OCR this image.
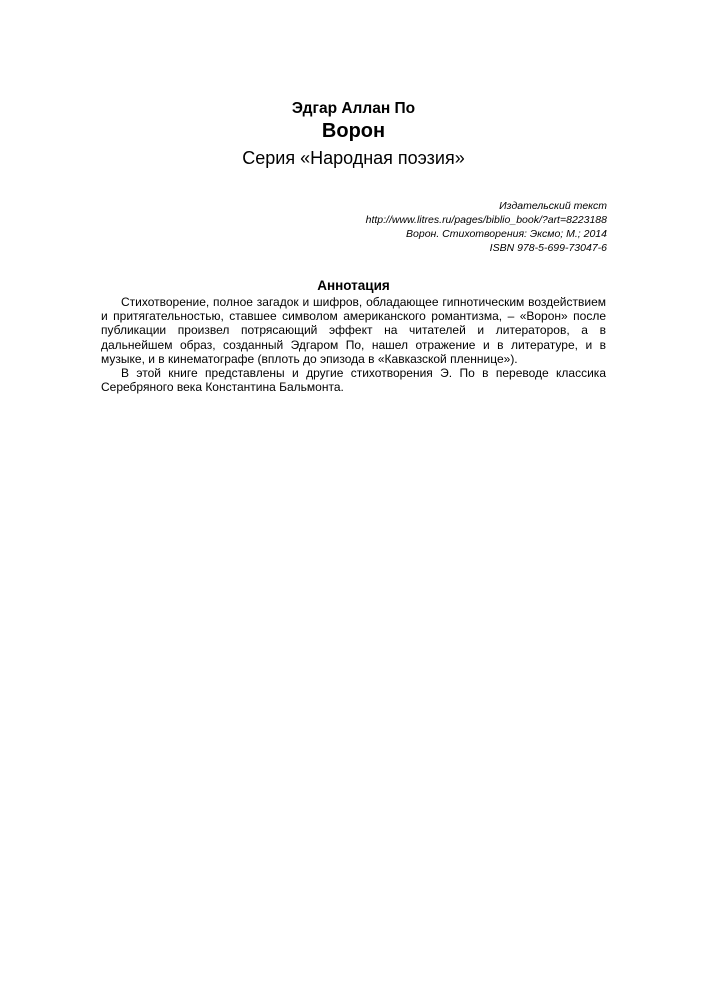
Эдгар Аллан По
Ворон
Серия «Народная поэзия»
Издательский текст
http://www.litres.ru/pages/biblio_book/?art=8223188
Ворон. Стихотворения: Эксмо; М.; 2014
ISBN 978-5-699-73047-6
Аннотация

Стихотворение, полное загадок и шифров, обладающее гипнотическим воздействием и притягательностью, ставшее символом американского романтизма, – «Ворон» после публикации произвел потрясающий эффект на читателей и литераторов, а в дальнейшем образ, созданный Эдгаром По, нашел отражение и в литературе, и в музыке, и в кинематографе (вплоть до эпизода в «Кавказской пленнице»).

В этой книге представлены и другие стихотворения Э. По в переводе классика Серебряного века Константина Бальмонта.
